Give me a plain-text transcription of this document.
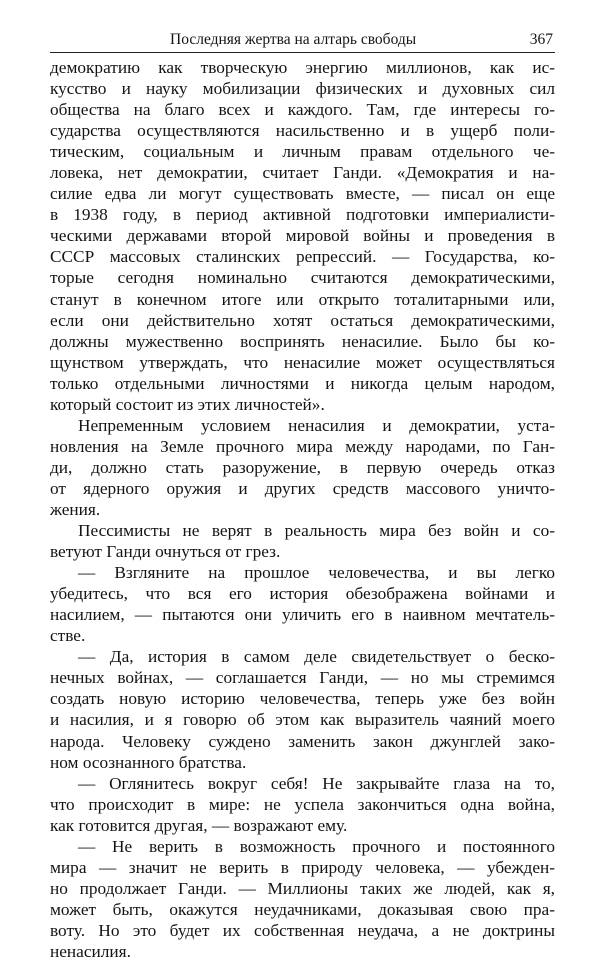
Последняя жертва на алтарь свободы	367
демократию как творческую энергию миллионов, как ис-
кусство и науку мобилизации физических и духовных сил
общества на благо всех и каждого. Там, где интересы го-
сударства осуществляются насильственно и в ущерб поли-
тическим, социальным и личным правам отдельного че-
ловека, нет демократии, считает Ганди. «Демократия и на-
силие едва ли могут существовать вместе, — писал он еще
в 1938 году, в период активной подготовки империалисти-
ческими державами второй мировой войны и проведения в
СССР массовых сталинских репрессий. — Государства, ко-
торые сегодня номинально считаются демократическими,
станут в конечном итоге или открыто тоталитарными или,
если они действительно хотят остаться демократическими,
должны мужественно воспринять ненасилие. Было бы ко-
щунством утверждать, что ненасилие может осуществляться
только отдельными личностями и никогда целым народом,
который состоит из этих личностей».
Непременным условием ненасилия и демократии, уста-
новления на Земле прочного мира между народами, по Ган-
ди, должно стать разоружение, в первую очередь отказ
от ядерного оружия и других средств массового уничто-
жения.
Пессимисты не верят в реальность мира без войн и со-
ветуют Ганди очнуться от грез.
— Взгляните на прошлое человечества, и вы легко
убедитесь, что вся его история обезображена войнами и
насилием, — пытаются они уличить его в наивном мечтатель-
стве.
— Да, история в самом деле свидетельствует о беско-
нечных войнах, — соглашается Ганди, — но мы стремимся
создать новую историю человечества, теперь уже без войн
и насилия, и я говорю об этом как выразитель чаяний моего
народа. Человеку суждено заменить закон джунглей зако-
ном осознанного братства.
— Оглянитесь вокруг себя! Не закрывайте глаза на то,
что происходит в мире: не успела закончиться одна война,
как готовится другая, — возражают ему.
— Не верить в возможность прочного и постоянного
мира — значит не верить в природу человека, — убежден-
но продолжает Ганди. — Миллионы таких же людей, как я,
может быть, окажутся неудачниками, доказывая свою пра-
воту. Но это будет их собственная неудача, а не доктрины
ненасилия.
